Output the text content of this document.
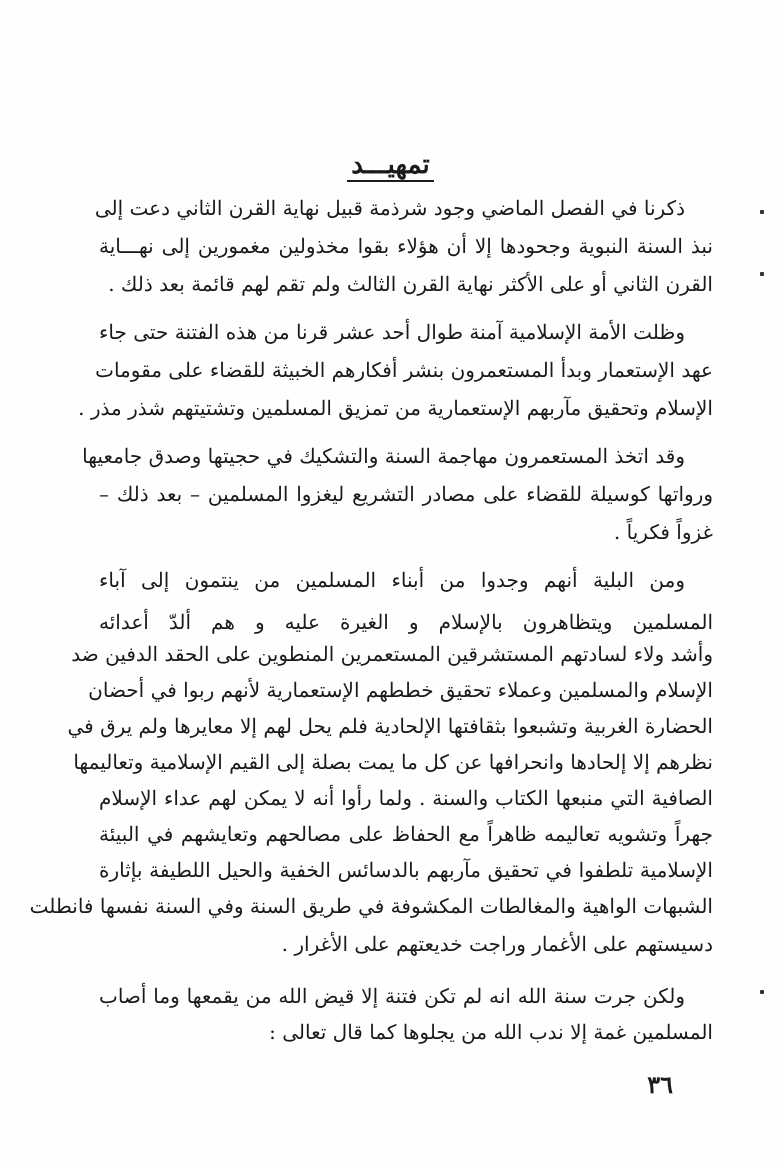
تمهيـــد
ذكرنا في الفصل الماضي وجود شرذمة قبيل نهاية القرن الثاني دعت إلى
نبذ السنة النبوية وجحودها إلا أن هؤلاء بقوا مخذولين مغمورين إلى نهـــاية
القرن الثاني أو على الأكثر نهاية القرن الثالث ولم تقم لهم قائمة بعد ذلك .
وظلت الأمة الإسلامية آمنة طوال أحد عشر قرنا من هذه الفتنة حتى جاء
عهد الإستعمار وبدأ المستعمرون بنشر أفكارهم الخبيثة للقضاء على مقومات
الإسلام وتحقيق مآربهم الإستعمارية من تمزيق المسلمين وتشتيتهم شذر مذر .
وقد اتخذ المستعمرون مهاجمة السنة والتشكيك في حجيتها وصدق جامعيها
ورواتها كوسيلة للقضاء على مصادر التشريع ليغزوا المسلمين – بعد ذلك –
غزواً فكرياً .
ومن البلية أنهم وجدوا من أبناء المسلمين من ينتمون إلى آباء
المسلمين ويتظاهرون بالإسلام و الغيرة عليه و هم ألدّ أعدائه
وأشد ولاء لسادتهم المستشرقين المستعمرين المنطوين على الحقد الدفين ضد
الإسلام والمسلمين وعملاء تحقيق خططهم الإستعمارية لأنهم ربوا في أحضان
الحضارة الغربية وتشبعوا بثقافتها الإلحادية فلم يحل لهم إلا معايرها ولم يرق في
نظرهم إلا إلحادها وانحرافها عن كل ما يمت بصلة إلى القيم الإسلامية وتعاليمها
الصافية التي منبعها الكتاب والسنة . ولما رأوا أنه لا يمكن لهم عداء الإسلام
جهراً وتشويه تعاليمه ظاهراً مع الحفاظ على مصالحهم وتعايشهم في البيئة
الإسلامية تلطفوا في تحقيق مآربهم بالدسائس الخفية والحيل اللطيفة بإثارة
الشبهات الواهية والمغالطات المكشوفة في طريق السنة وفي السنة نفسها فانطلت
دسيستهم على الأغمار وراجت خديعتهم على الأغرار .
ولكن جرت سنة الله انه لم تكن فتنة إلا قيض الله من يقمعها وما أصاب
المسلمين غمة إلا ندب الله من يجلوها كما قال تعالى :
٣٦
